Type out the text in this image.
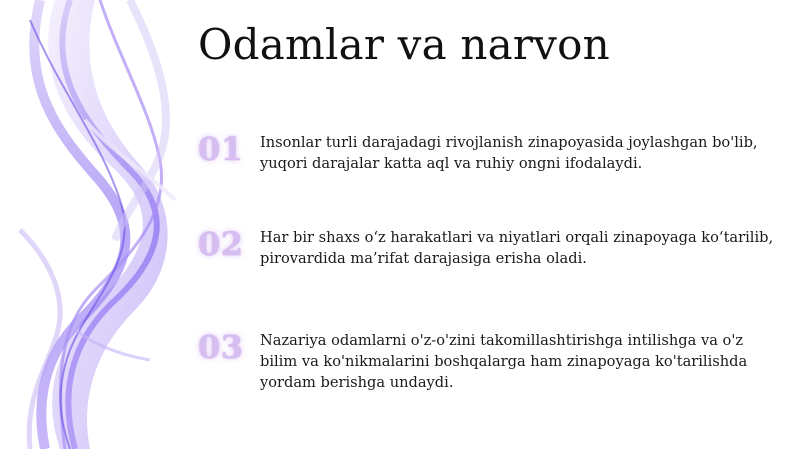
Odamlar va narvon
01 Insonlar turli darajadagi rivojlanish zinapoyasida joylashgan bo'lib, yuqori darajalar katta aql va ruhiy ongni ifodalaydi.
02 Har bir shaxs o‘z harakatlari va niyatlari orqali zinapoyaga ko‘tarilib, pirovardida ma’rifat darajasiga erisha oladi.
03 Nazariya odamlarni o'z-o'zini takomillashtirishga intilishga va o'z bilim va ko'nikmalarini boshqalarga ham zinapoyaga ko'tarilishda yordam berishga undaydi.
